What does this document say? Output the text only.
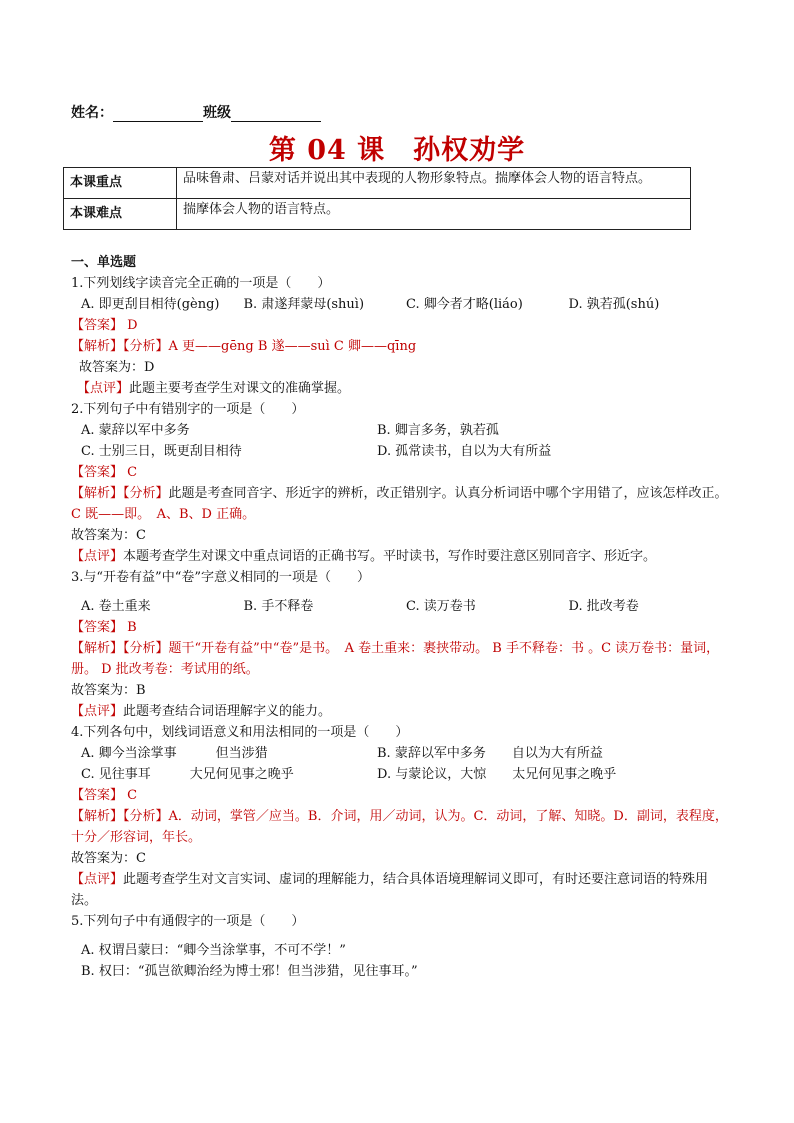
姓名：	班级
第 04 课　孙权劝学
本课重点	品味鲁肃、吕蒙对话并说出其中表现的人物形象特点。揣摩体会人物的语言特点。
本课难点	揣摩体会人物的语言特点。
一、单选题
1.下列划线字读音完全正确的一项是（　　）
A. 即更刮目相待(gèng)	B. 肃遂拜蒙母(shuì)	C. 卿今者才略(liáo)	D. 孰若孤(shú)
【答案】 D
【解析】【分析】A 更——gēng B 遂——suì C 卿——qīng
故答案为：D
【点评】此题主要考查学生对课文的准确掌握。
2.下列句子中有错别字的一项是（　　）
A. 蒙辞以军中多务	B. 卿言多务，孰若孤
C. 士别三日，既更刮目相待	D. 孤常读书，自以为大有所益
【答案】 C
【解析】【分析】此题是考查同音字、形近字的辨析，改正错别字。认真分析词语中哪个字用错了，应该怎样改正。
C 既——即。　A、B、D 正确。
故答案为：C
【点评】本题考查学生对课文中重点词语的正确书写。平时读书，写作时要注意区别同音字、形近字。
3.与“开卷有益”中“卷”字意义相同的一项是（　　）
A. 卷土重来	B. 手不释卷	C. 读万卷书	D. 批改考卷
【答案】 B
【解析】【分析】题干“开卷有益”中“卷”是书。　A 卷土重来：裹挟带动。 B 手不释卷：书 。C 读万卷书：量词，册。 D 批改考卷：考试用的纸。
故答案为：B
【点评】此题考查结合词语理解字义的能力。
4.下列各句中，划线词语意义和用法相同的一项是（　　）
A. 卿今当涂掌事　　　但当涉猎	B. 蒙辞以军中多务　　自以为大有所益
C. 见往事耳　　　大兄何见事之晚乎	D. 与蒙论议，大惊　　太兄何见事之晚乎
【答案】 C
【解析】【分析】A．动词，掌管／应当。B．介词，用／动词，认为。C．动词，了解、知晓。D．副词，表程度，十分／形容词，年长。
故答案为：C
【点评】此题考查学生对文言实词、虚词的理解能力，结合具体语境理解词义即可，有时还要注意词语的特殊用法。
5.下列句子中有通假字的一项是（　　）
A. 权谓吕蒙曰：“卿今当涂掌事，不可不学！”
B. 权曰：“孤岂欲卿治经为博士邪！但当涉猎，见往事耳。”
